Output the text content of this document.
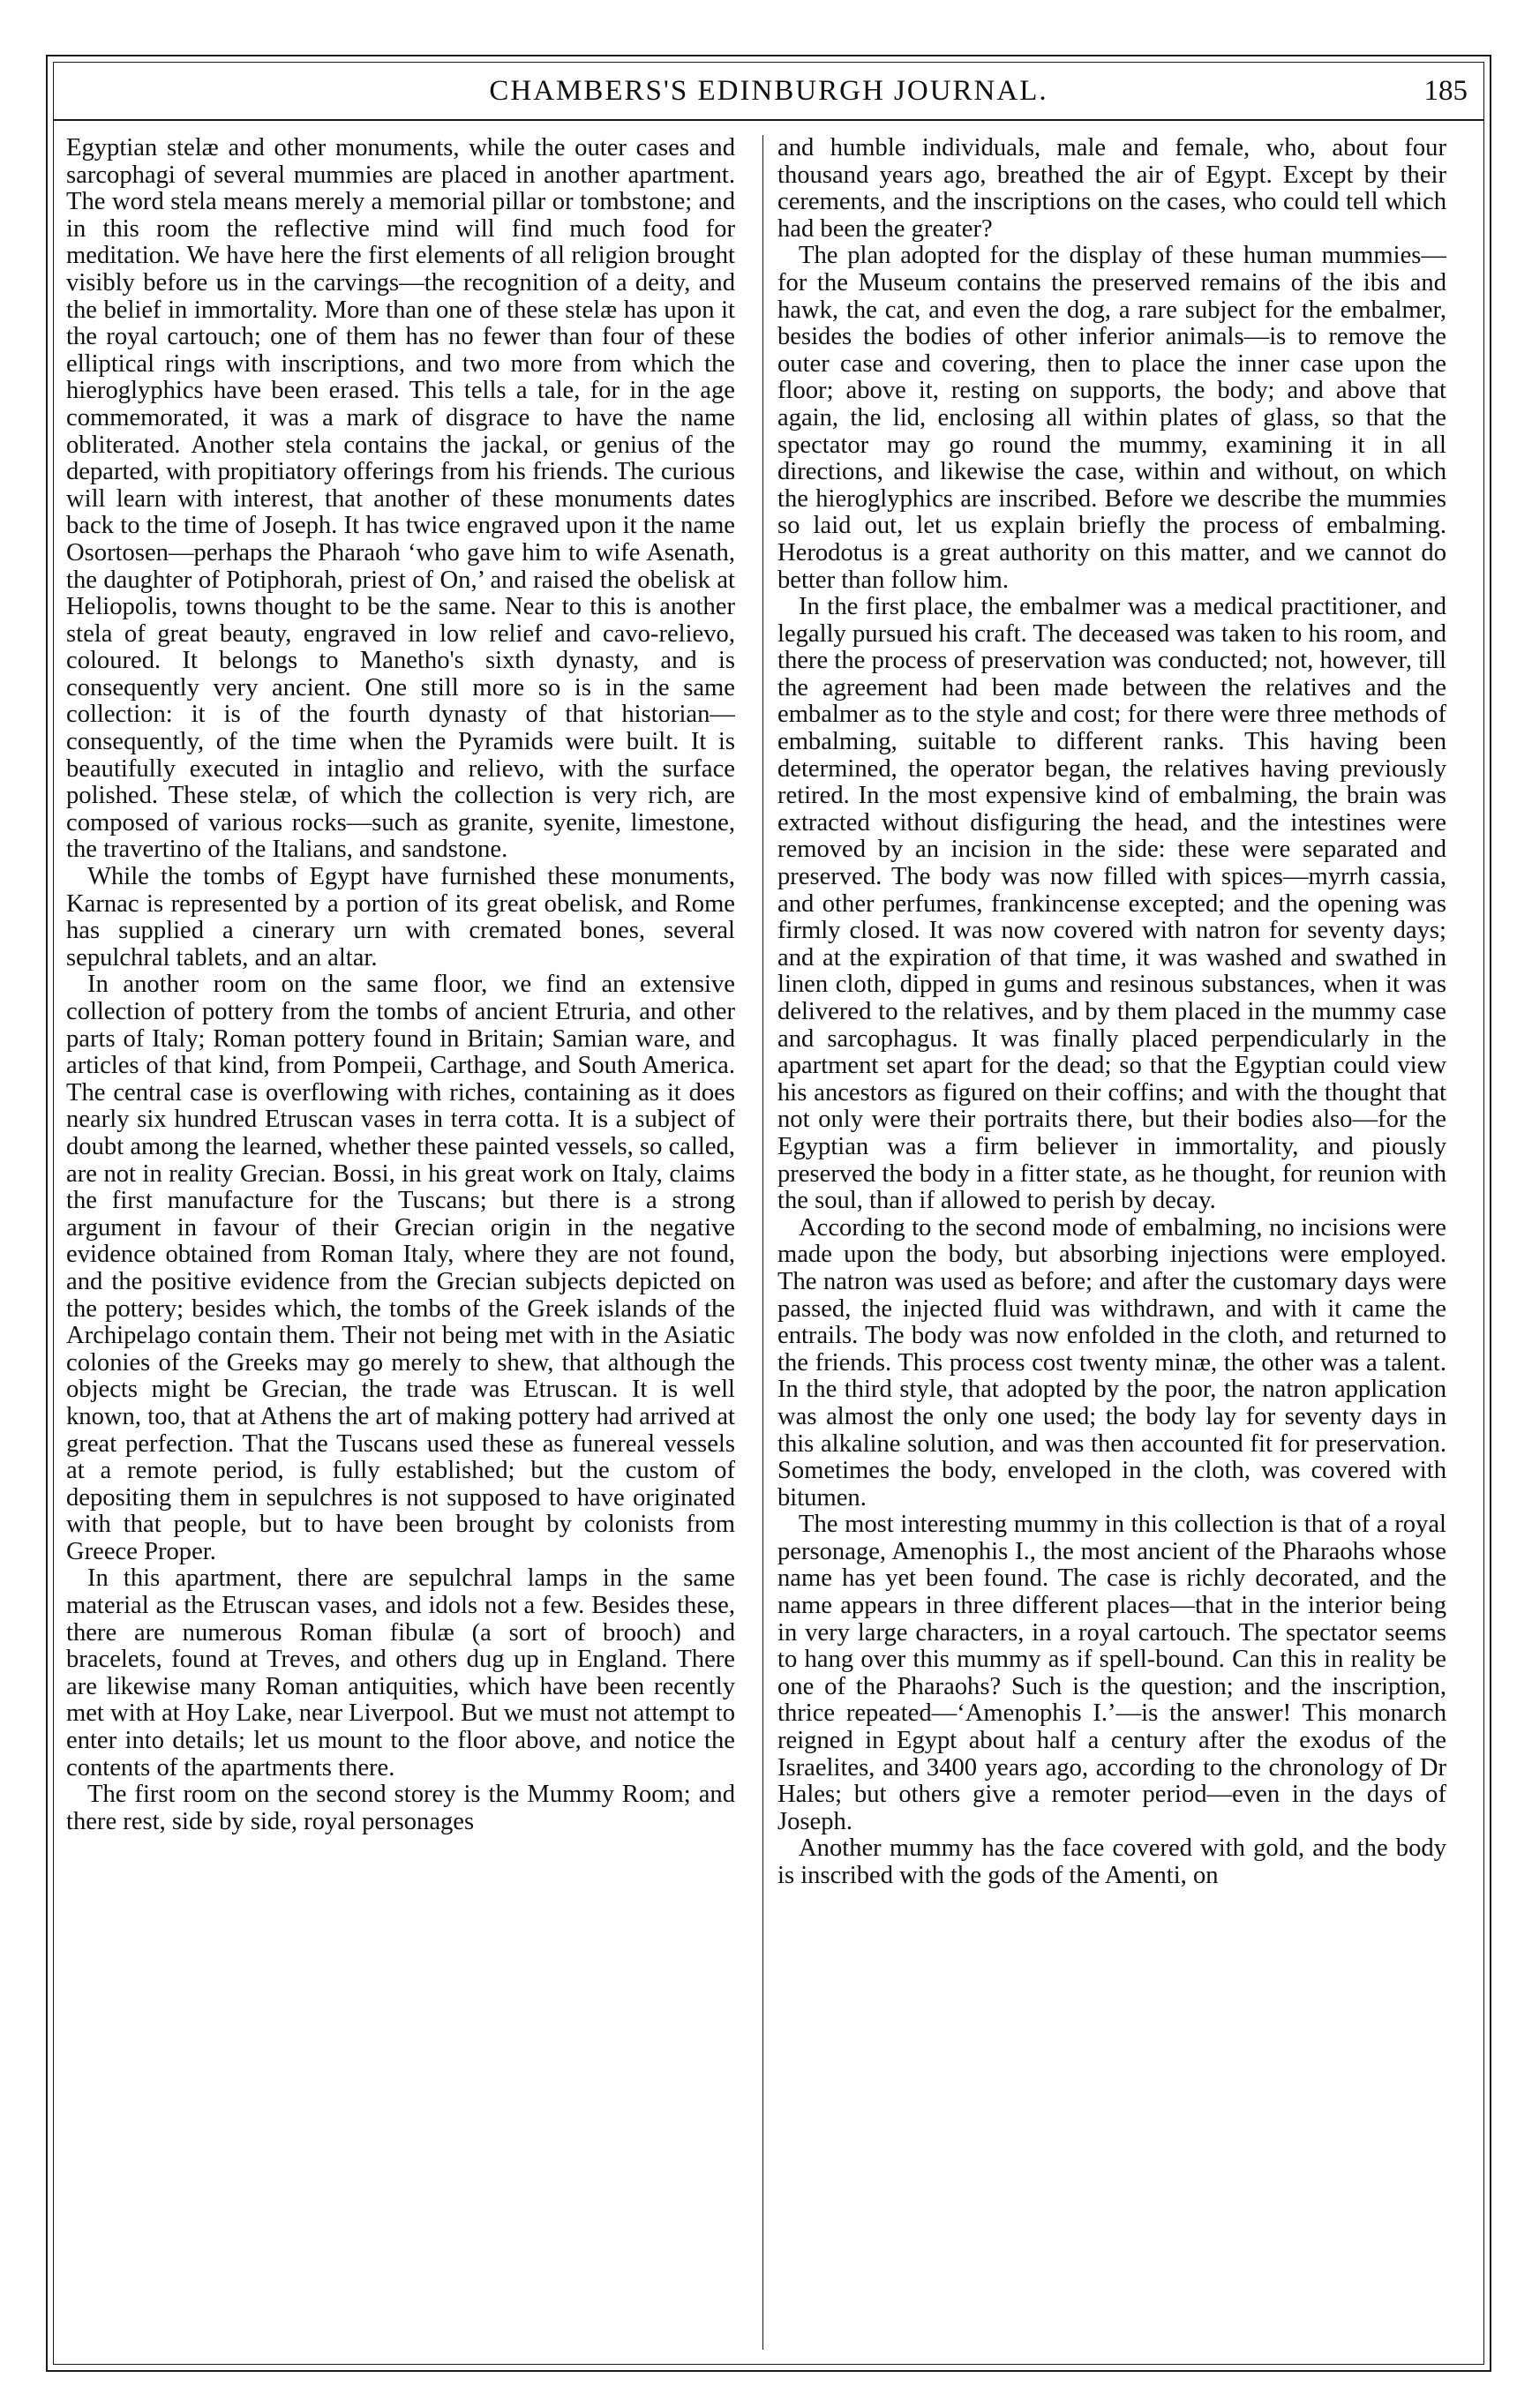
CHAMBERS'S EDINBURGH JOURNAL.	185

Egyptian stelæ and other monuments, while the outer cases and sarcophagi of several mummies are placed in another apartment. The word stela means merely a memorial pillar or tombstone; and in this room the reflective mind will find much food for meditation. We have here the first elements of all religion brought visibly before us in the carvings—the recognition of a deity, and the belief in immortality. More than one of these stelæ has upon it the royal cartouch; one of them has no fewer than four of these elliptical rings with inscriptions, and two more from which the hieroglyphics have been erased. This tells a tale, for in the age commemorated, it was a mark of disgrace to have the name obliterated. Another stela contains the jackal, or genius of the departed, with propitiatory offerings from his friends. The curious will learn with interest, that another of these monuments dates back to the time of Joseph. It has twice engraved upon it the name Osortosen—perhaps the Pharaoh ‘who gave him to wife Asenath, the daughter of Potiphorah, priest of On,’ and raised the obelisk at Heliopolis, towns thought to be the same. Near to this is another stela of great beauty, engraved in low relief and cavo-relievo, coloured. It belongs to Manetho's sixth dynasty, and is consequently very ancient. One still more so is in the same collection: it is of the fourth dynasty of that historian—consequently, of the time when the Pyramids were built. It is beautifully executed in intaglio and relievo, with the surface polished. These stelæ, of which the collection is very rich, are composed of various rocks—such as granite, syenite, limestone, the travertino of the Italians, and sandstone.

While the tombs of Egypt have furnished these monuments, Karnac is represented by a portion of its great obelisk, and Rome has supplied a cinerary urn with cremated bones, several sepulchral tablets, and an altar.

In another room on the same floor, we find an extensive collection of pottery from the tombs of ancient Etruria, and other parts of Italy; Roman pottery found in Britain; Samian ware, and articles of that kind, from Pompeii, Carthage, and South America. The central case is overflowing with riches, containing as it does nearly six hundred Etruscan vases in terra cotta. It is a subject of doubt among the learned, whether these painted vessels, so called, are not in reality Grecian. Bossi, in his great work on Italy, claims the first manufacture for the Tuscans; but there is a strong argument in favour of their Grecian origin in the negative evidence obtained from Roman Italy, where they are not found, and the positive evidence from the Grecian subjects depicted on the pottery; besides which, the tombs of the Greek islands of the Archipelago contain them. Their not being met with in the Asiatic colonies of the Greeks may go merely to shew, that although the objects might be Grecian, the trade was Etruscan. It is well known, too, that at Athens the art of making pottery had arrived at great perfection. That the Tuscans used these as funereal vessels at a remote period, is fully established; but the custom of depositing them in sepulchres is not supposed to have originated with that people, but to have been brought by colonists from Greece Proper.

In this apartment, there are sepulchral lamps in the same material as the Etruscan vases, and idols not a few. Besides these, there are numerous Roman fibulæ (a sort of brooch) and bracelets, found at Treves, and others dug up in England. There are likewise many Roman antiquities, which have been recently met with at Hoy Lake, near Liverpool. But we must not attempt to enter into details; let us mount to the floor above, and notice the contents of the apartments there.

The first room on the second storey is the Mummy Room; and there rest, side by side, royal personages

and humble individuals, male and female, who, about four thousand years ago, breathed the air of Egypt. Except by their cerements, and the inscriptions on the cases, who could tell which had been the greater?

The plan adopted for the display of these human mummies—for the Museum contains the preserved remains of the ibis and hawk, the cat, and even the dog, a rare subject for the embalmer, besides the bodies of other inferior animals—is to remove the outer case and covering, then to place the inner case upon the floor; above it, resting on supports, the body; and above that again, the lid, enclosing all within plates of glass, so that the spectator may go round the mummy, examining it in all directions, and likewise the case, within and without, on which the hieroglyphics are inscribed. Before we describe the mummies so laid out, let us explain briefly the process of embalming. Herodotus is a great authority on this matter, and we cannot do better than follow him.

In the first place, the embalmer was a medical practitioner, and legally pursued his craft. The deceased was taken to his room, and there the process of preservation was conducted; not, however, till the agreement had been made between the relatives and the embalmer as to the style and cost; for there were three methods of embalming, suitable to different ranks. This having been determined, the operator began, the relatives having previously retired. In the most expensive kind of embalming, the brain was extracted without disfiguring the head, and the intestines were removed by an incision in the side: these were separated and preserved. The body was now filled with spices—myrrh cassia, and other perfumes, frankincense excepted; and the opening was firmly closed. It was now covered with natron for seventy days; and at the expiration of that time, it was washed and swathed in linen cloth, dipped in gums and resinous substances, when it was delivered to the relatives, and by them placed in the mummy case and sarcophagus. It was finally placed perpendicularly in the apartment set apart for the dead; so that the Egyptian could view his ancestors as figured on their coffins; and with the thought that not only were their portraits there, but their bodies also—for the Egyptian was a firm believer in immortality, and piously preserved the body in a fitter state, as he thought, for reunion with the soul, than if allowed to perish by decay.

According to the second mode of embalming, no incisions were made upon the body, but absorbing injections were employed. The natron was used as before; and after the customary days were passed, the injected fluid was withdrawn, and with it came the entrails. The body was now enfolded in the cloth, and returned to the friends. This process cost twenty minæ, the other was a talent. In the third style, that adopted by the poor, the natron application was almost the only one used; the body lay for seventy days in this alkaline solution, and was then accounted fit for preservation. Sometimes the body, enveloped in the cloth, was covered with bitumen.

The most interesting mummy in this collection is that of a royal personage, Amenophis I., the most ancient of the Pharaohs whose name has yet been found. The case is richly decorated, and the name appears in three different places—that in the interior being in very large characters, in a royal cartouch. The spectator seems to hang over this mummy as if spell-bound. Can this in reality be one of the Pharaohs? Such is the question; and the inscription, thrice repeated—‘Amenophis I.’—is the answer! This monarch reigned in Egypt about half a century after the exodus of the Israelites, and 3400 years ago, according to the chronology of Dr Hales; but others give a remoter period—even in the days of Joseph.

Another mummy has the face covered with gold, and the body is inscribed with the gods of the Amenti, on
